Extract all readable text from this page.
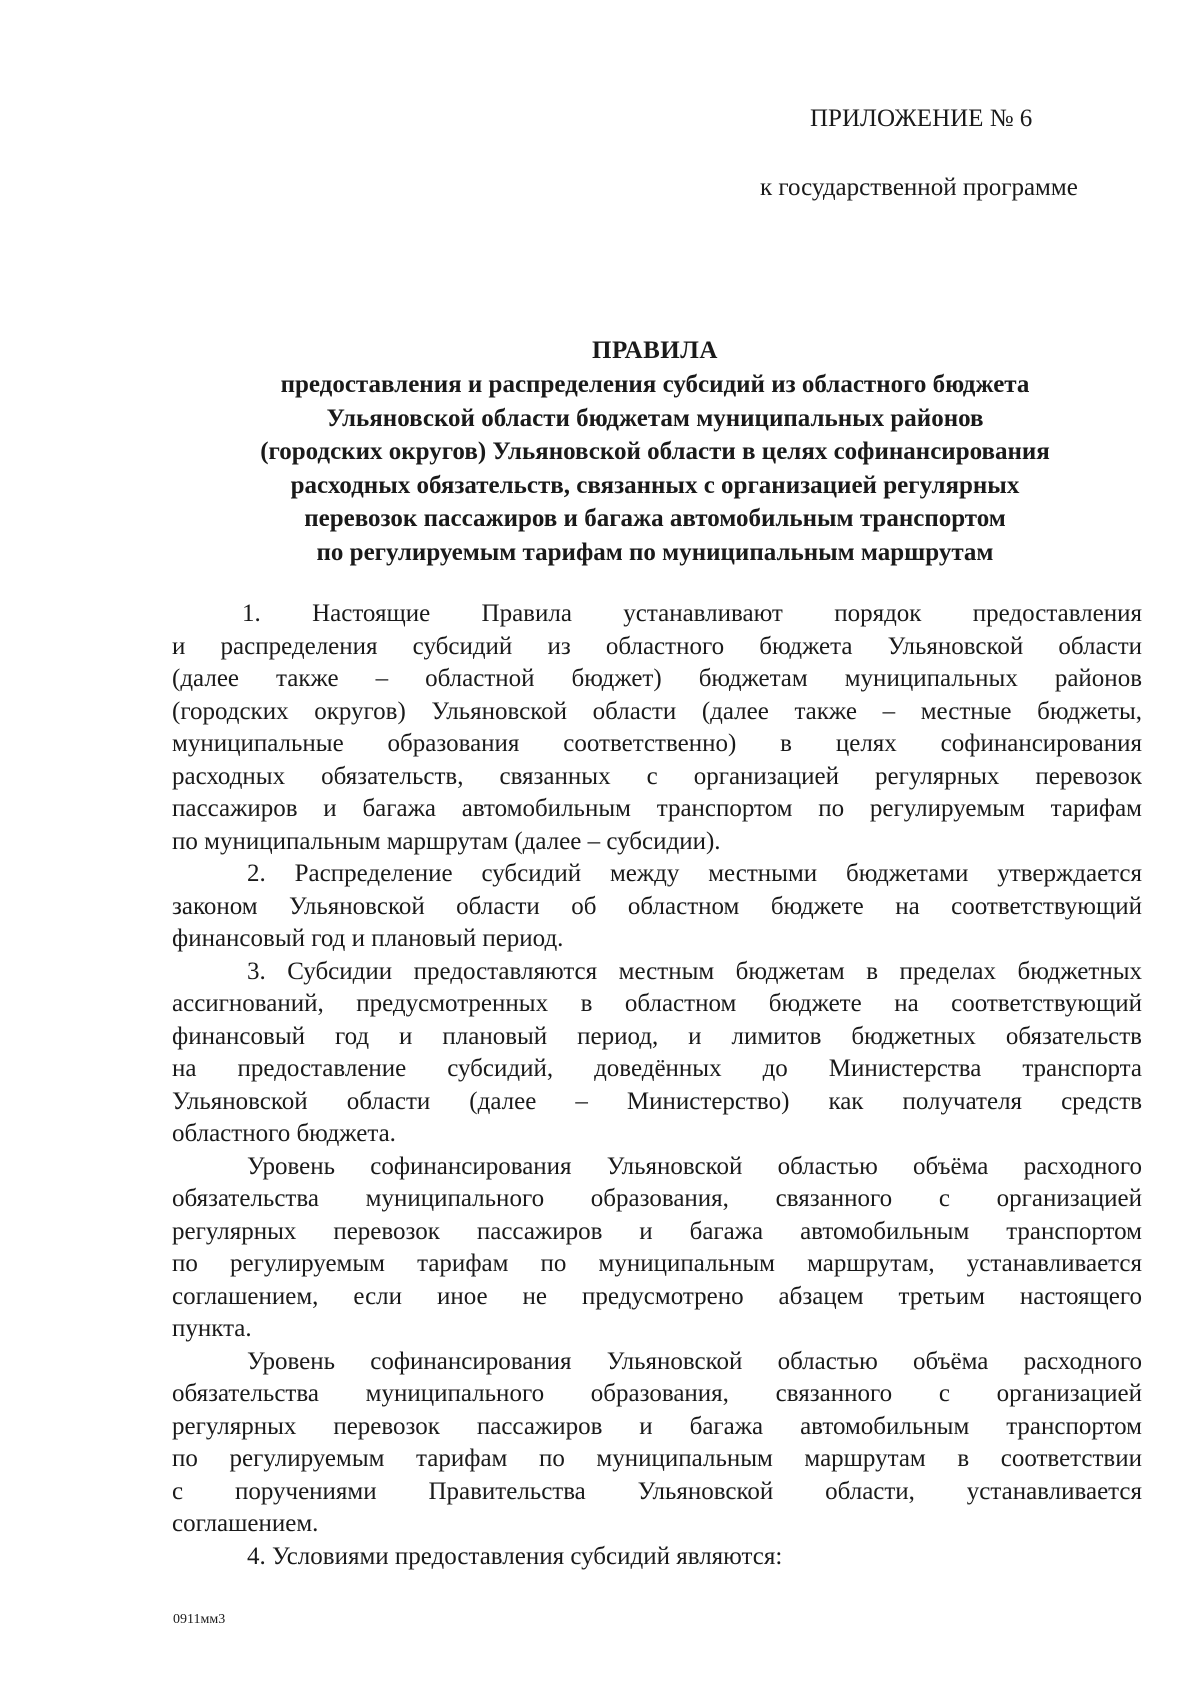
ПРИЛОЖЕНИЕ № 6
к государственной программе
ПРАВИЛА
предоставления и распределения субсидий из областного бюджета
Ульяновской области бюджетам муниципальных районов
(городских округов) Ульяновской области в целях софинансирования
расходных обязательств, связанных с организацией регулярных
перевозок пассажиров и багажа автомобильным транспортом
по регулируемым тарифам по муниципальным маршрутам
1. Настоящие Правила устанавливают порядок предоставления
и распределения субсидий из областного бюджета Ульяновской области
(далее также – областной бюджет) бюджетам муниципальных районов
(городских округов) Ульяновской области (далее также – местные бюджеты,
муниципальные образования соответственно) в целях софинансирования
расходных обязательств, связанных с организацией регулярных перевозок
пассажиров и багажа автомобильным транспортом по регулируемым тарифам
по муниципальным маршрутам (далее – субсидии).
2. Распределение субсидий между местными бюджетами утверждается
законом Ульяновской области об областном бюджете на соответствующий
финансовый год и плановый период.
3. Субсидии предоставляются местным бюджетам в пределах бюджетных
ассигнований, предусмотренных в областном бюджете на соответствующий
финансовый год и плановый период, и лимитов бюджетных обязательств
на предоставление субсидий, доведённых до Министерства транспорта
Ульяновской области (далее – Министерство) как получателя средств
областного бюджета.
Уровень софинансирования Ульяновской областью объёма расходного
обязательства муниципального образования, связанного с организацией
регулярных перевозок пассажиров и багажа автомобильным транспортом
по регулируемым тарифам по муниципальным маршрутам, устанавливается
соглашением, если иное не предусмотрено абзацем третьим настоящего
пункта.
Уровень софинансирования Ульяновской областью объёма расходного
обязательства муниципального образования, связанного с организацией
регулярных перевозок пассажиров и багажа автомобильным транспортом
по регулируемым тарифам по муниципальным маршрутам в соответствии
с поручениями Правительства Ульяновской области, устанавливается
соглашением.
4. Условиями предоставления субсидий являются:
0911мм3
